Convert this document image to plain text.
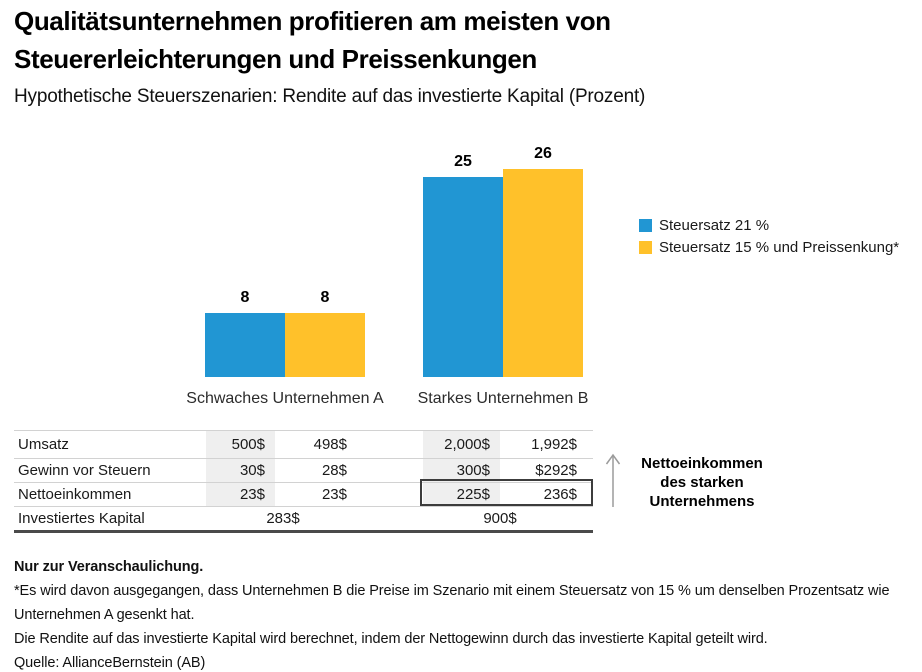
Qualitätsunternehmen profitieren am meisten von
Steuererleichterungen und Preissenkungen
Hypothetische Steuerszenarien: Rendite auf das investierte Kapital (Prozent)
8	8
Schwaches Unternehmen A
25	26
Starkes Unternehmen B
Steuersatz 21 %
Steuersatz 15 % und Preissenkung*
Umsatz	500$	498$	2,000$	1,992$
Gewinn vor Steuern	30$	28$	300$	$292$
Nettoeinkommen	23$	23$	225$	236$
Investiertes Kapital	283$	900$
Nettoeinkommen
des starken
Unternehmens
Nur zur Veranschaulichung.
*Es wird davon ausgegangen, dass Unternehmen B die Preise im Szenario mit einem Steuersatz von 15 % um denselben Prozentsatz wie Unternehmen A gesenkt hat.
Die Rendite auf das investierte Kapital wird berechnet, indem der Nettogewinn durch das investierte Kapital geteilt wird.
Quelle: AllianceBernstein (AB)
